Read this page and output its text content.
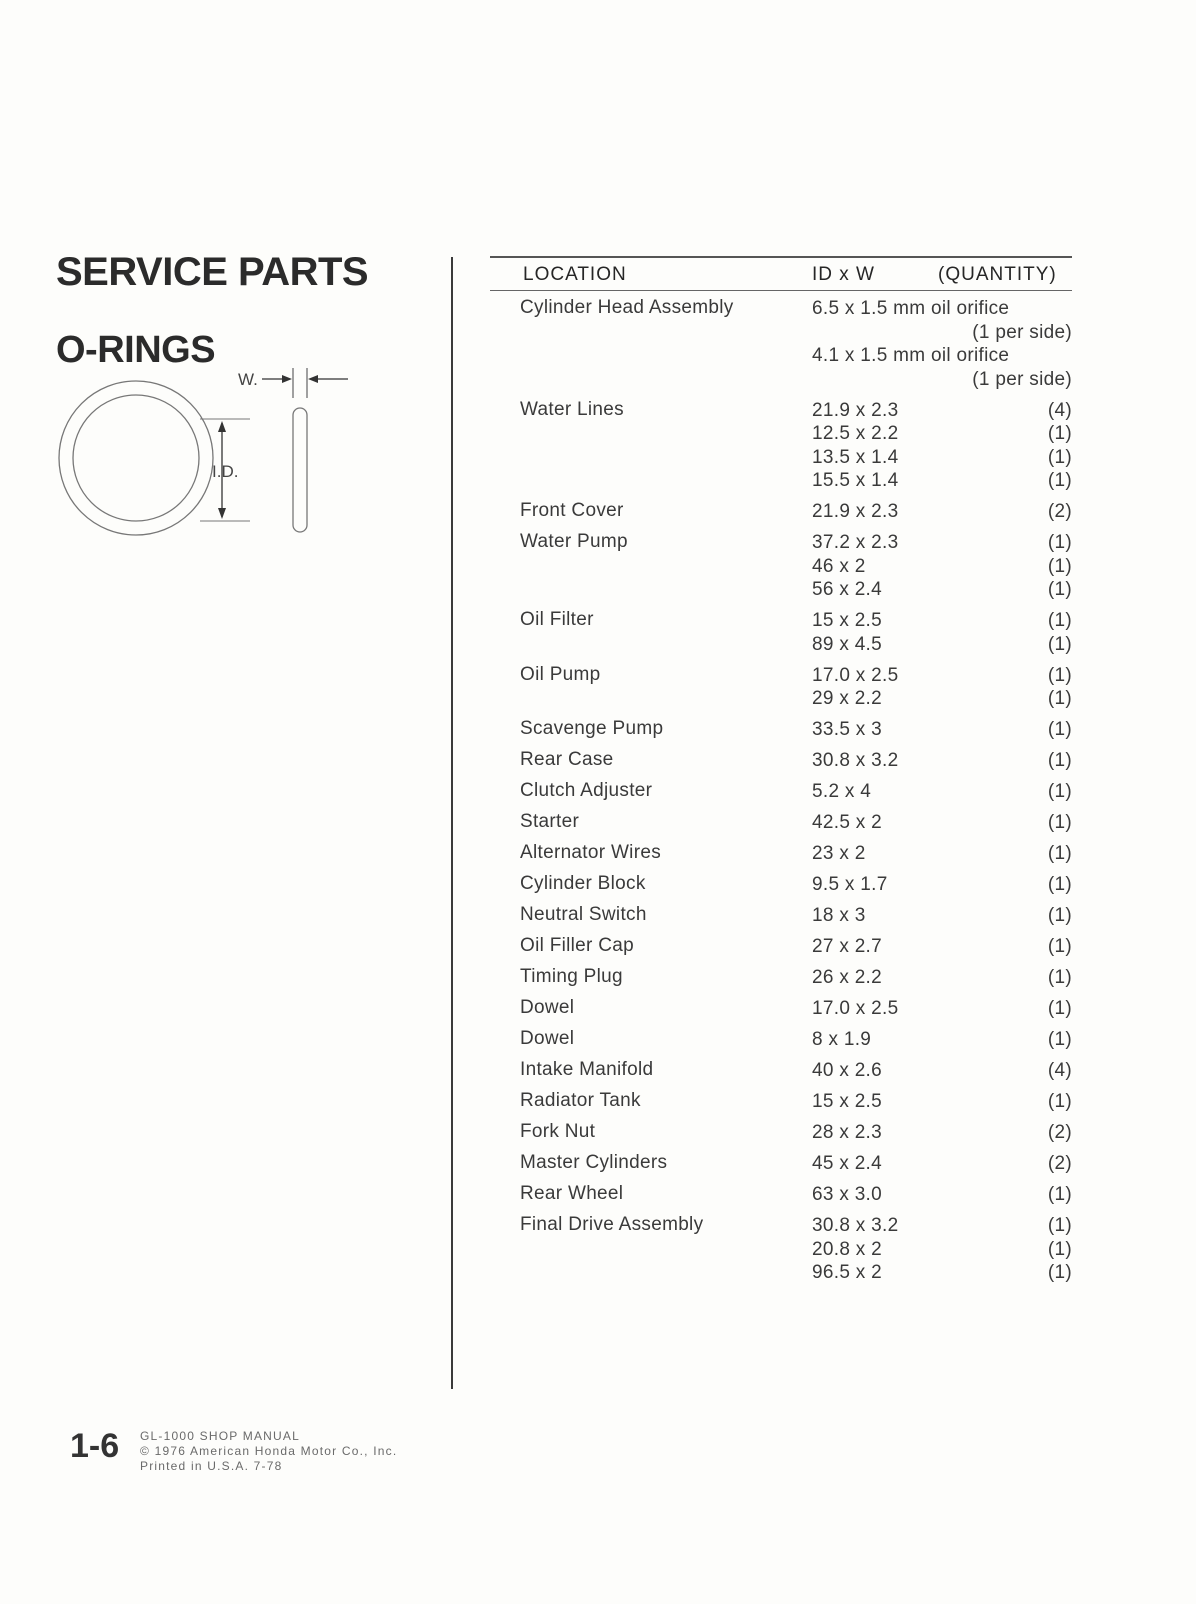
SERVICE PARTS
O-RINGS
I.D.
W.
LOCATION	ID x W	(QUANTITY)
Cylinder Head Assembly	6.5 x 1.5 mm oil orifice
(1 per side)
4.1 x 1.5 mm oil orifice
(1 per side)
Water Lines	21.9 x 2.3	(4)
12.5 x 2.2	(1)
13.5 x 1.4	(1)
15.5 x 1.4	(1)
Front Cover	21.9 x 2.3	(2)
Water Pump	37.2 x 2.3	(1)
46 x 2	(1)
56 x 2.4	(1)
Oil Filter	15 x 2.5	(1)
89 x 4.5	(1)
Oil Pump	17.0 x 2.5	(1)
29 x 2.2	(1)
Scavenge Pump	33.5 x 3	(1)
Rear Case	30.8 x 3.2	(1)
Clutch Adjuster	5.2 x 4	(1)
Starter	42.5 x 2	(1)
Alternator Wires	23 x 2	(1)
Cylinder Block	9.5 x 1.7	(1)
Neutral Switch	18 x 3	(1)
Oil Filler Cap	27 x 2.7	(1)
Timing Plug	26 x 2.2	(1)
Dowel	17.0 x 2.5	(1)
Dowel	8 x 1.9	(1)
Intake Manifold	40 x 2.6	(4)
Radiator Tank	15 x 2.5	(1)
Fork Nut	28 x 2.3	(2)
Master Cylinders	45 x 2.4	(2)
Rear Wheel	63 x 3.0	(1)
Final Drive Assembly	30.8 x 3.2	(1)
20.8 x 2	(1)
96.5 x 2	(1)
1-6 GL-1000 SHOP MANUAL
© 1976 American Honda Motor Co., Inc.
Printed in U.S.A. 7-78
